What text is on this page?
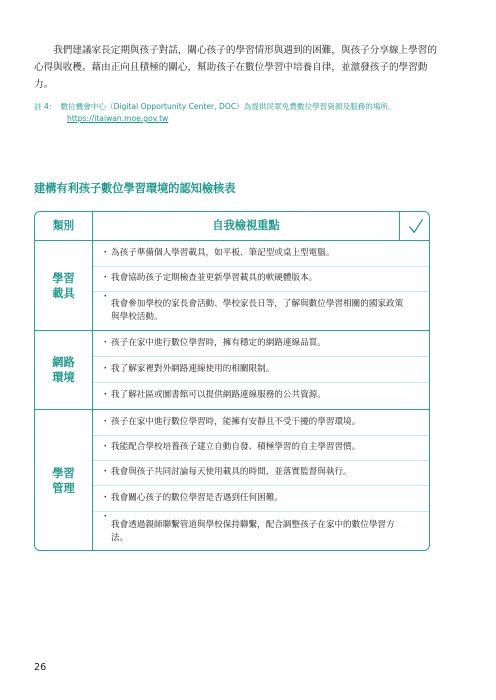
我們建議家長定期與孩子對話，關心孩子的學習情形與遇到的困難，與孩子分享線上學習的心得與收穫。藉由正向且積極的關心，幫助孩子在數位學習中培養自律，並激發孩子的學習動力。

註 4： 數位機會中心（Digital Opportunity Center, DOC）為提供民眾免費數位學習資源及服務的場所。
https://itaiwan.moe.gov.tw
建構有利孩子數位學習環境的認知檢核表
類別	自我檢視重點
學習載具
・ 為孩子準備個人學習載具，如平板、筆記型或桌上型電腦。
・ 我會協助孩子定期檢查並更新學習載具的軟硬體版本。
・
我會參加學校的家長會活動、學校家長日等，了解與數位學習相關的國家政策與學校活動。
網路環境
・ 孩子在家中進行數位學習時，擁有穩定的網路連線品質。
・ 我了解家裡對外網路連線使用的相關限制。
・ 我了解社區或圖書館可以提供網路連線服務的公共資源。
學習管理
・ 孩子在家中進行數位學習時，能擁有安靜且不受干擾的學習環境。
・ 我能配合學校培養孩子建立自動自發、積極學習的自主學習習慣。
・ 我會與孩子共同討論每天使用載具的時間，並落實監督與執行。
・ 我會關心孩子的數位學習是否遇到任何困難。
・
我會透過親師聯繫管道與學校保持聯繫，配合調整孩子在家中的數位學習方法。
26
